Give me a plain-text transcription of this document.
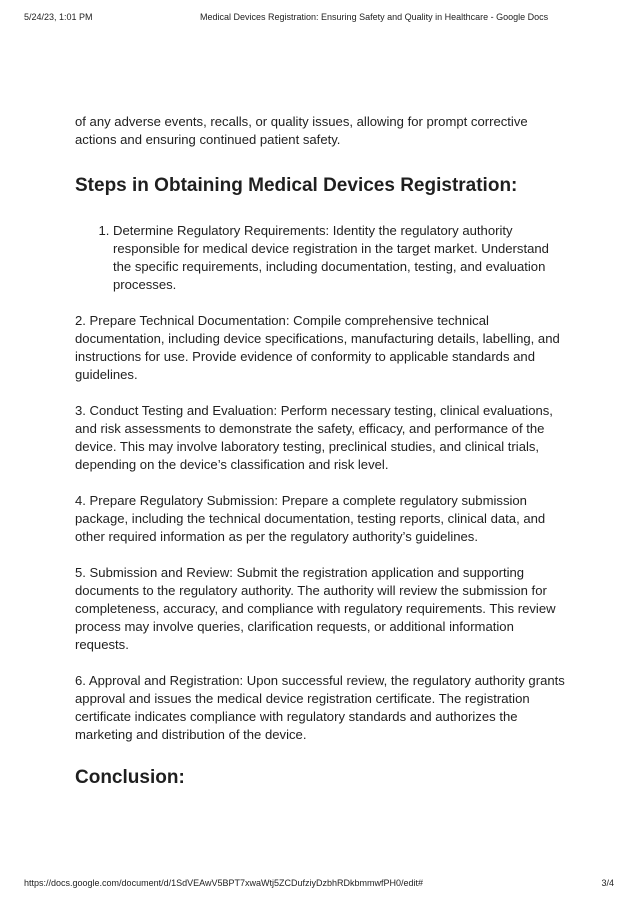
5/24/23, 1:01 PM	Medical Devices Registration: Ensuring Safety and Quality in Healthcare - Google Docs

of any adverse events, recalls, or quality issues, allowing for prompt corrective actions and ensuring continued patient safety.

Steps in Obtaining Medical Devices Registration:
1. Determine Regulatory Requirements: Identity the regulatory authority responsible for medical device registration in the target market. Understand the specific requirements, including documentation, testing, and evaluation processes.

2. Prepare Technical Documentation: Compile comprehensive technical documentation, including device specifications, manufacturing details, labelling, and instructions for use. Provide evidence of conformity to applicable standards and guidelines.

3. Conduct Testing and Evaluation: Perform necessary testing, clinical evaluations, and risk assessments to demonstrate the safety, efficacy, and performance of the device. This may involve laboratory testing, preclinical studies, and clinical trials, depending on the device’s classification and risk level.

4. Prepare Regulatory Submission: Prepare a complete regulatory submission package, including the technical documentation, testing reports, clinical data, and other required information as per the regulatory authority’s guidelines.

5. Submission and Review: Submit the registration application and supporting documents to the regulatory authority. The authority will review the submission for completeness, accuracy, and compliance with regulatory requirements. This review process may involve queries, clarification requests, or additional information requests.

6. Approval and Registration: Upon successful review, the regulatory authority grants approval and issues the medical device registration certificate. The registration certificate indicates compliance with regulatory standards and authorizes the marketing and distribution of the device.

Conclusion:
https://docs.google.com/document/d/1SdVEAwV5BPT7xwaWtj5ZCDufziyDzbhRDkbmmwfPH0/edit#	3/4
